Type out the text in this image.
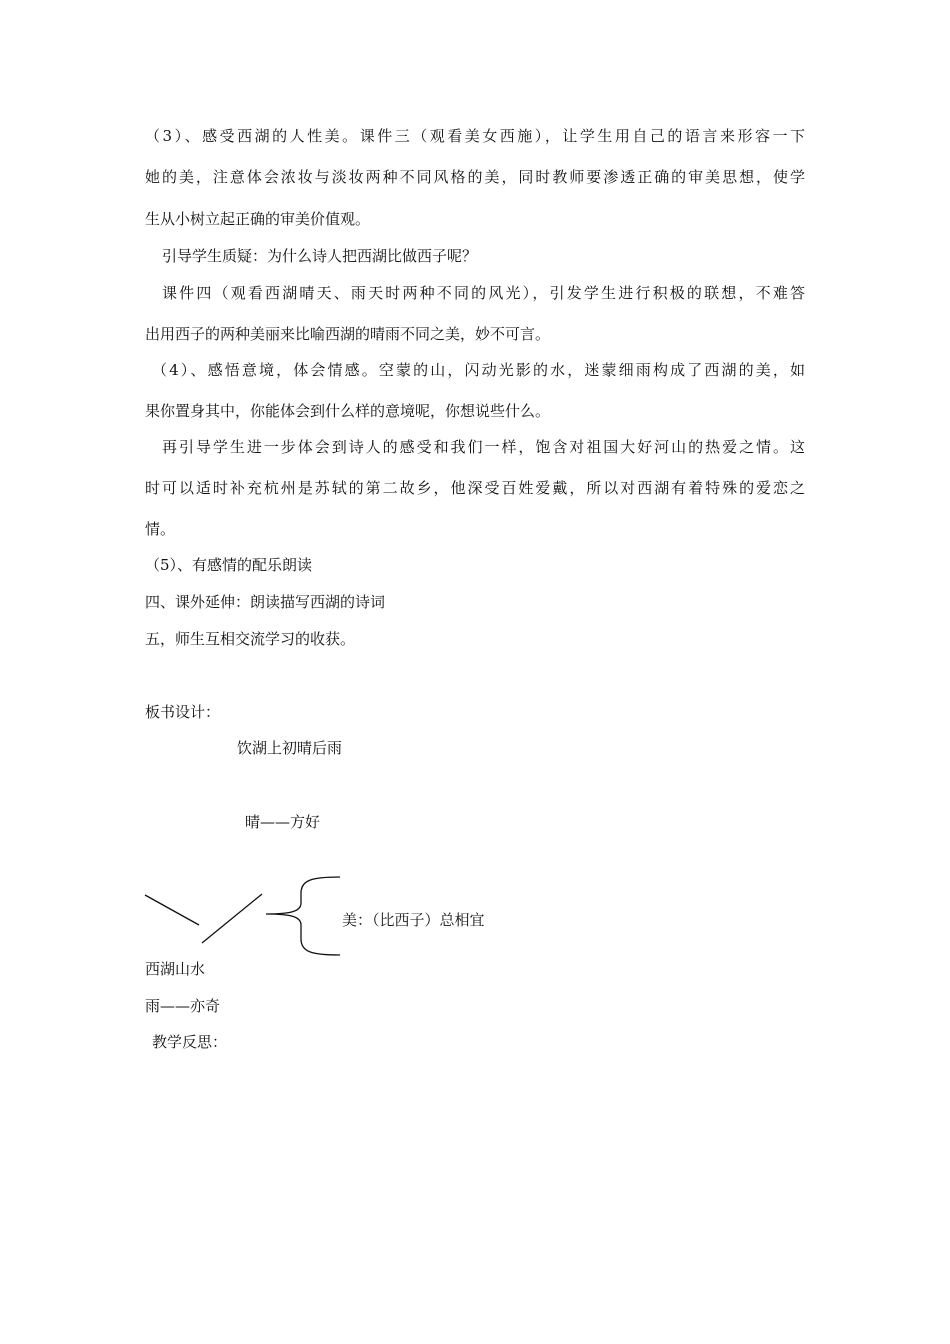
（3）、感受西湖的人性美。课件三（观看美女西施），让学生用自己的语言来形容一下
她的美，注意体会浓妆与淡妆两种不同风格的美，同时教师要渗透正确的审美思想，使学
生从小树立起正确的审美价值观。
引导学生质疑：为什么诗人把西湖比做西子呢？
课件四（观看西湖晴天、雨天时两种不同的风光），引发学生进行积极的联想，不难答
出用西子的两种美丽来比喻西湖的晴雨不同之美，妙不可言。
（4）、感悟意境，体会情感。空蒙的山，闪动光影的水，迷蒙细雨构成了西湖的美，如
果你置身其中，你能体会到什么样的意境呢，你想说些什么。
再引导学生进一步体会到诗人的感受和我们一样，饱含对祖国大好河山的热爱之情。这
时可以适时补充杭州是苏轼的第二故乡，他深受百姓爱戴，所以对西湖有着特殊的爱恋之
情。
（5）、有感情的配乐朗读
四、课外延伸：朗读描写西湖的诗词
五，师生互相交流学习的收获。
板书设计：
饮湖上初晴后雨
晴——方好
美：（比西子）总相宜
西湖山水
雨——亦奇
教学反思：
